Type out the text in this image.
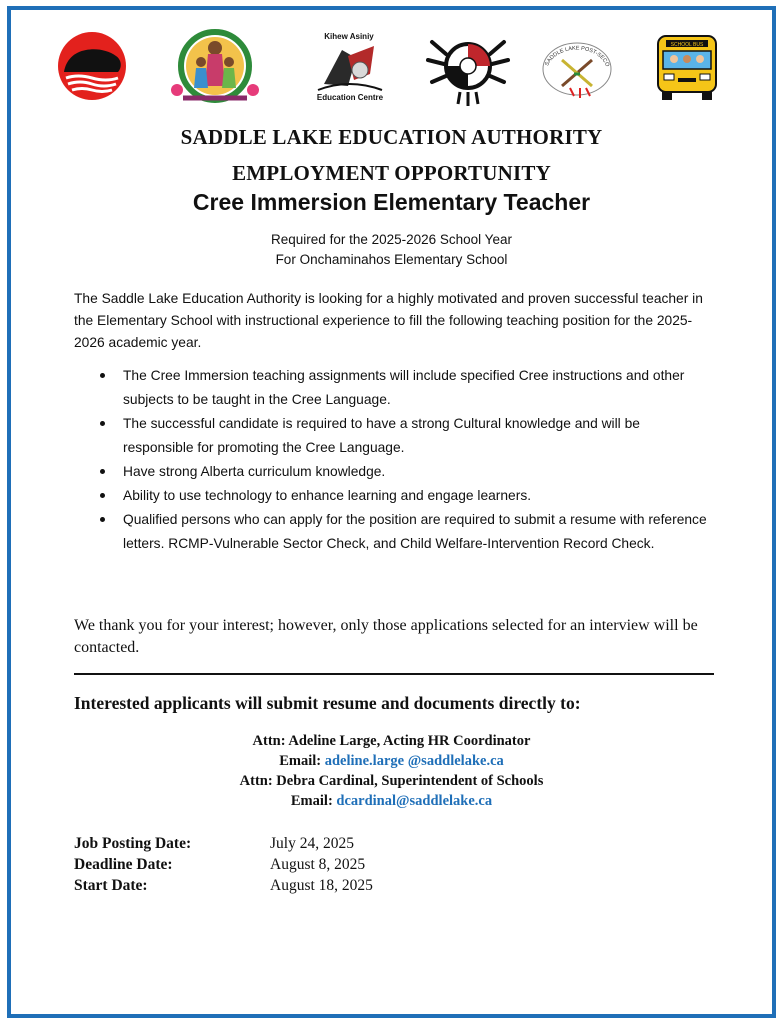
Kihew Asiniy
Education Centre
SADDLE LAKE POST-SECO
SCHOOL BUS
SADDLE LAKE EDUCATION AUTHORITY
EMPLOYMENT OPPORTUNITY
Cree Immersion Elementary Teacher
Required for the 2025-2026 School Year
For Onchaminahos Elementary School
The Saddle Lake Education Authority is looking for a highly motivated and proven successful teacher in the Elementary School with instructional experience to fill the following teaching position for the 2025-2026 academic year.
The Cree Immersion teaching assignments will include specified Cree instructions and other subjects to be taught in the Cree Language.
The successful candidate is required to have a strong Cultural knowledge and will be responsible for promoting the Cree Language.
Have strong Alberta curriculum knowledge.
Ability to use technology to enhance learning and engage learners.
Qualified persons who can apply for the position are required to submit a resume with reference letters. RCMP-Vulnerable Sector Check, and Child Welfare-Intervention Record Check.
We thank you for your interest; however, only those applications selected for an interview will be contacted.
Interested applicants will submit resume and documents directly to:
Attn: Adeline Large, Acting HR Coordinator
Email: adeline.large @saddlelake.ca
Attn: Debra Cardinal, Superintendent of Schools
Email: dcardinal@saddlelake.ca
Job Posting Date:	July 24, 2025
Deadline Date:	August 8, 2025
Start Date:	August 18, 2025
